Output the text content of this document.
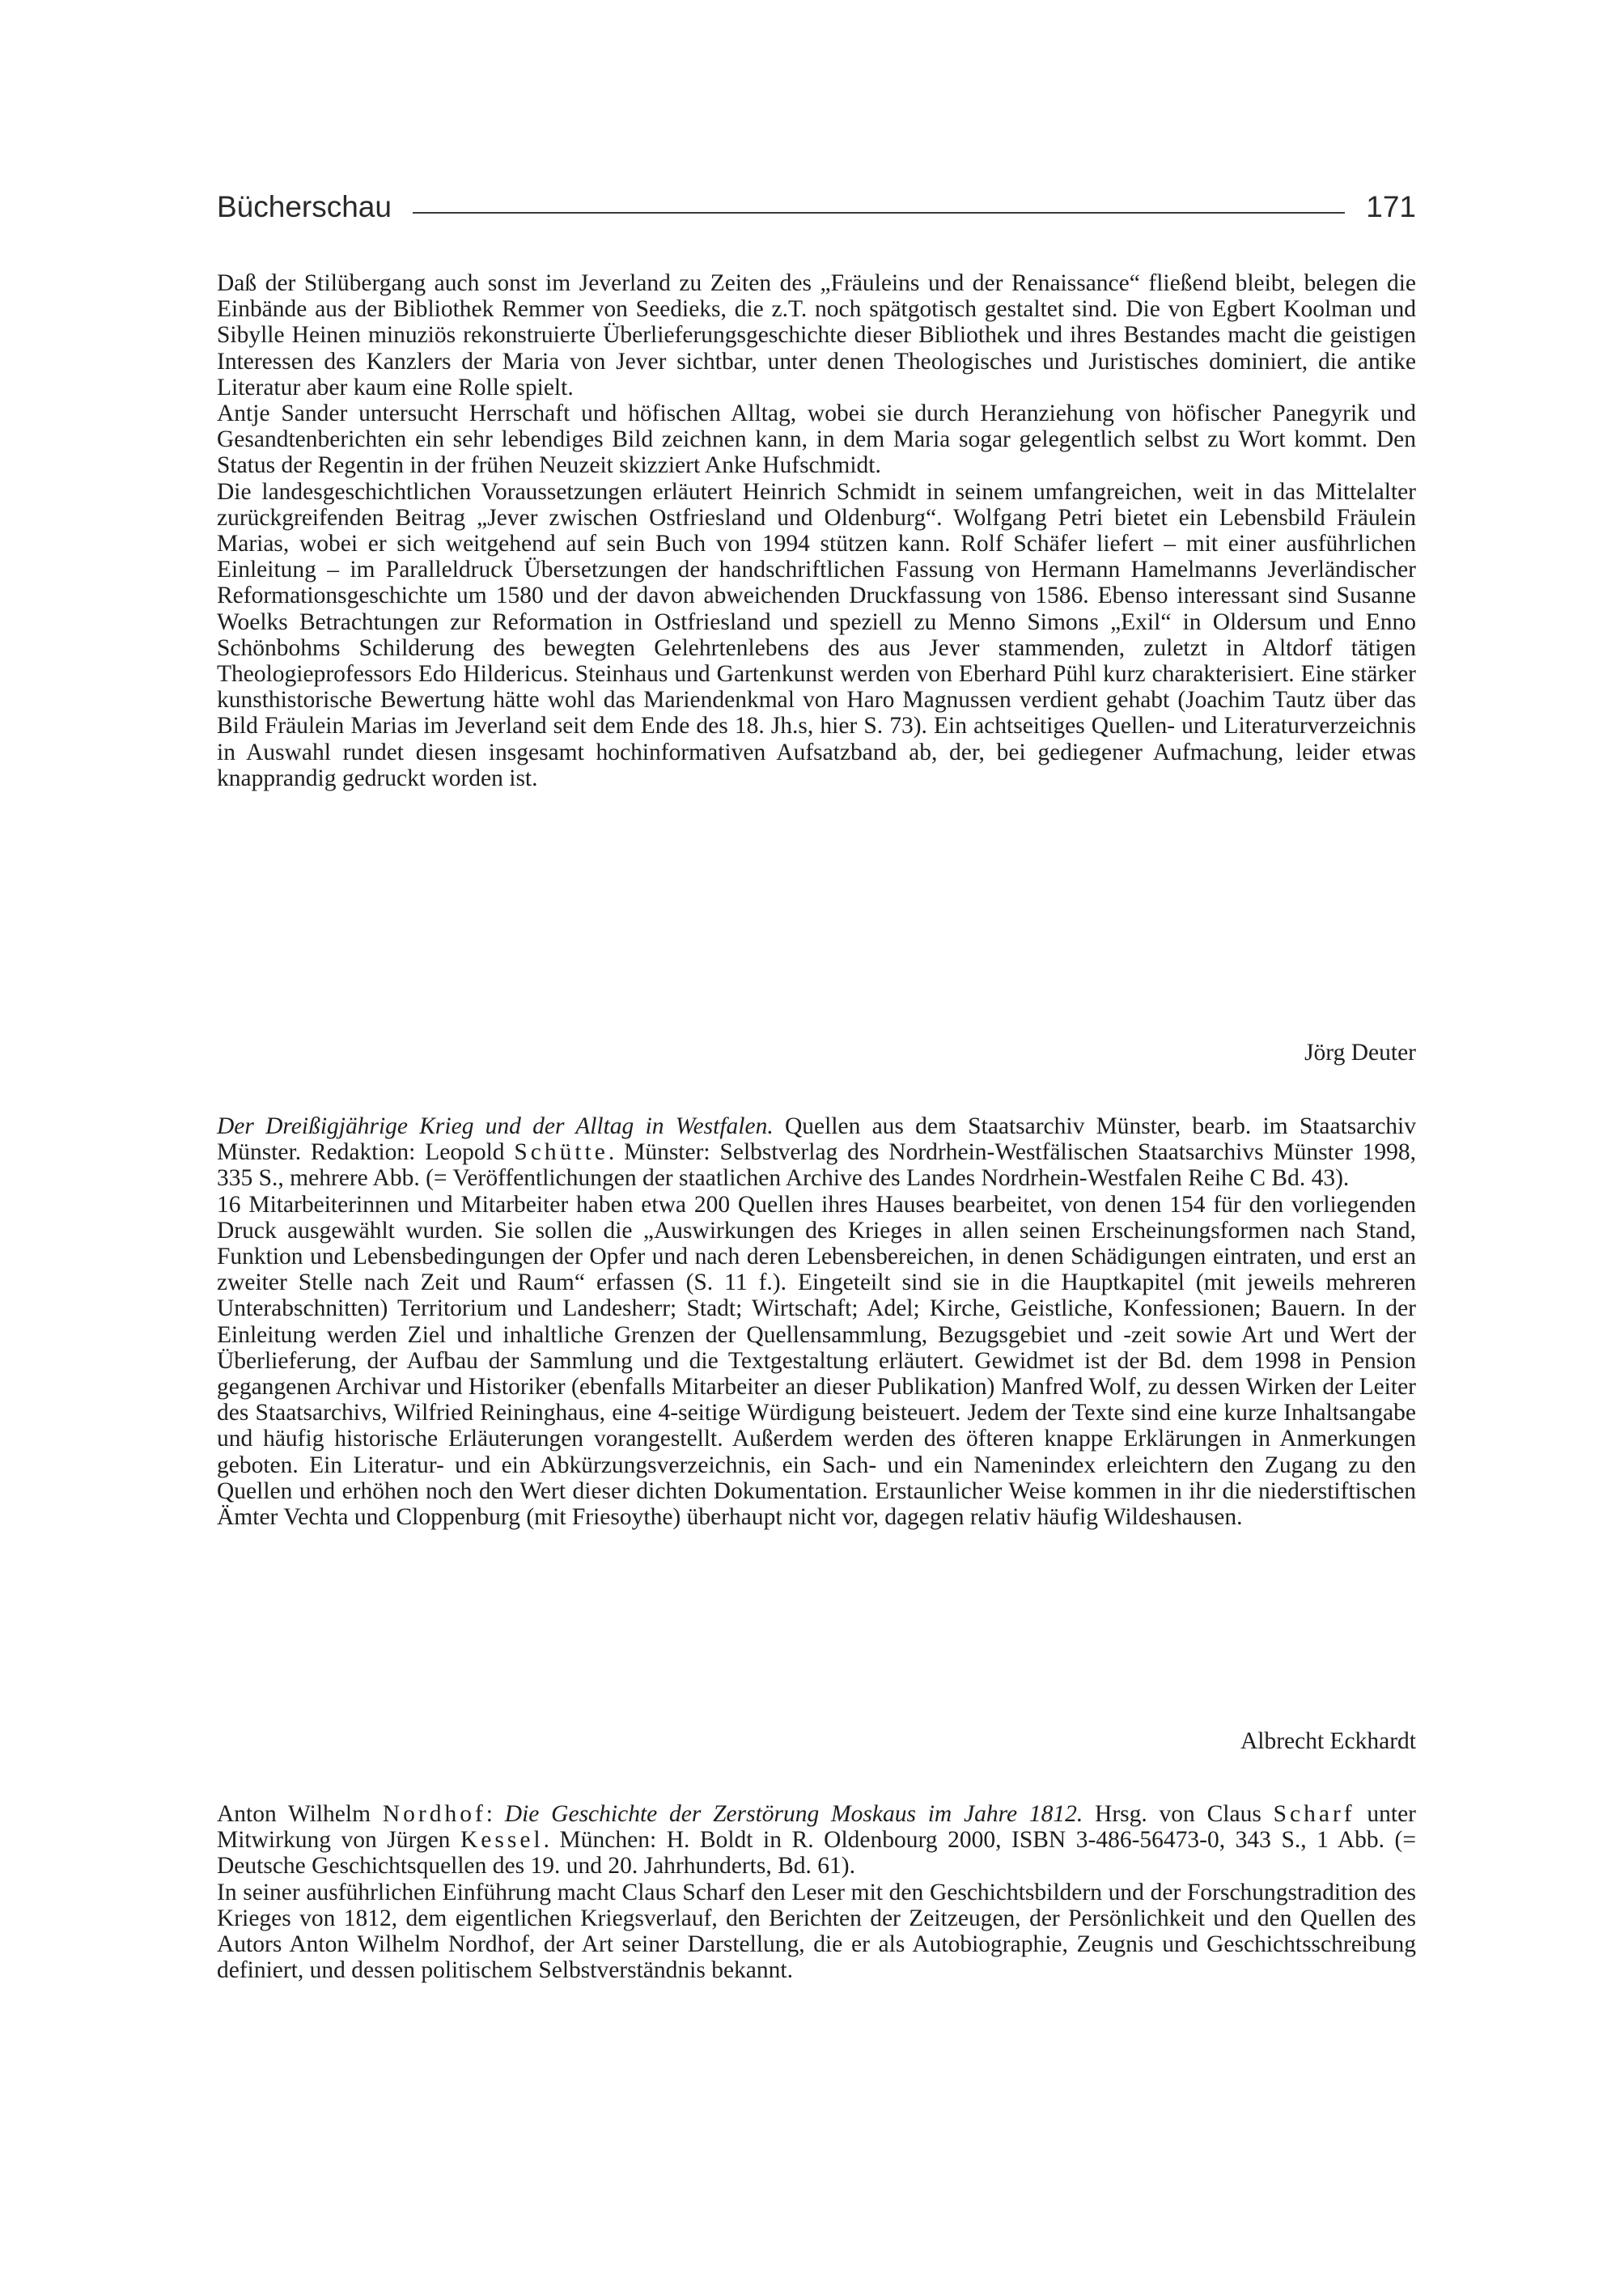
Bücherschau	171

Daß der Stilübergang auch sonst im Jeverland zu Zeiten des „Fräuleins und der Renaissance“ fließend bleibt, belegen die Einbände aus der Bibliothek Remmer von Seedieks, die z.T. noch spätgotisch gestaltet sind. Die von Egbert Koolman und Sibylle Heinen minuziös rekonstruierte Überlieferungsgeschichte dieser Bibliothek und ihres Bestandes macht die geistigen Interessen des Kanzlers der Maria von Jever sichtbar, unter denen Theologisches und Juristisches dominiert, die antike Literatur aber kaum eine Rolle spielt.

Antje Sander untersucht Herrschaft und höfischen Alltag, wobei sie durch Heranziehung von höfischer Panegyrik und Gesandtenberichten ein sehr lebendiges Bild zeichnen kann, in dem Maria sogar gelegentlich selbst zu Wort kommt. Den Status der Regentin in der frühen Neuzeit skizziert Anke Hufschmidt.

Die landesgeschichtlichen Voraussetzungen erläutert Heinrich Schmidt in seinem umfangreichen, weit in das Mittelalter zurückgreifenden Beitrag „Jever zwischen Ostfriesland und Oldenburg“. Wolfgang Petri bietet ein Lebensbild Fräulein Marias, wobei er sich weitgehend auf sein Buch von 1994 stützen kann. Rolf Schäfer liefert – mit einer ausführlichen Einleitung – im Paralleldruck Übersetzungen der handschriftlichen Fassung von Hermann Hamelmanns Jeverländischer Reformationsgeschichte um 1580 und der davon abweichenden Druckfassung von 1586. Ebenso interessant sind Susanne Woelks Betrachtungen zur Reformation in Ostfriesland und speziell zu Menno Simons „Exil“ in Oldersum und Enno Schönbohms Schilderung des bewegten Gelehrtenlebens des aus Jever stammenden, zuletzt in Altdorf tätigen Theologieprofessors Edo Hildericus. Steinhaus und Gartenkunst werden von Eberhard Pühl kurz charakterisiert. Eine stärker kunsthistorische Bewertung hätte wohl das Mariendenkmal von Haro Magnussen verdient gehabt (Joachim Tautz über das Bild Fräulein Marias im Jeverland seit dem Ende des 18. Jh.s, hier S. 73). Ein achtseitiges Quellen- und Literaturverzeichnis in Auswahl rundet diesen insgesamt hochinformativen Aufsatzband ab, der, bei gediegener Aufmachung, leider etwas knapprandig gedruckt worden ist.

Jörg Deuter

Der Dreißigjährige Krieg und der Alltag in Westfalen. Quellen aus dem Staatsarchiv Münster, bearb. im Staatsarchiv Münster. Redaktion: Leopold Schütte. Münster: Selbstverlag des Nordrhein-Westfälischen Staatsarchivs Münster 1998, 335 S., mehrere Abb. (= Veröffentlichungen der staatlichen Archive des Landes Nordrhein-Westfalen Reihe C Bd. 43).

16 Mitarbeiterinnen und Mitarbeiter haben etwa 200 Quellen ihres Hauses bearbeitet, von denen 154 für den vorliegenden Druck ausgewählt wurden. Sie sollen die „Auswirkungen des Krieges in allen seinen Erscheinungsformen nach Stand, Funktion und Lebensbedingungen der Opfer und nach deren Lebensbereichen, in denen Schädigungen eintraten, und erst an zweiter Stelle nach Zeit und Raum“ erfassen (S. 11 f.). Eingeteilt sind sie in die Hauptkapitel (mit jeweils mehreren Unterabschnitten) Territorium und Landesherr; Stadt; Wirtschaft; Adel; Kirche, Geistliche, Konfessionen; Bauern. In der Einleitung werden Ziel und inhaltliche Grenzen der Quellensammlung, Bezugsgebiet und -zeit sowie Art und Wert der Überlieferung, der Aufbau der Sammlung und die Textgestaltung erläutert. Gewidmet ist der Bd. dem 1998 in Pension gegangenen Archivar und Historiker (ebenfalls Mitarbeiter an dieser Publikation) Manfred Wolf, zu dessen Wirken der Leiter des Staatsarchivs, Wilfried Reininghaus, eine 4-seitige Würdigung beisteuert. Jedem der Texte sind eine kurze Inhaltsangabe und häufig historische Erläuterungen vorangestellt. Außerdem werden des öfteren knappe Erklärungen in Anmerkungen geboten. Ein Literatur- und ein Abkürzungsverzeichnis, ein Sach- und ein Namenindex erleichtern den Zugang zu den Quellen und erhöhen noch den Wert dieser dichten Dokumentation. Erstaunlicher Weise kommen in ihr die niederstiftischen Ämter Vechta und Cloppenburg (mit Friesoythe) überhaupt nicht vor, dagegen relativ häufig Wildeshausen.

Albrecht Eckhardt

Anton Wilhelm Nordhof: Die Geschichte der Zerstörung Moskaus im Jahre 1812. Hrsg. von Claus Scharf unter Mitwirkung von Jürgen Kessel. München: H. Boldt in R. Oldenbourg 2000, ISBN 3-486-56473-0, 343 S., 1 Abb. (= Deutsche Geschichtsquellen des 19. und 20. Jahrhunderts, Bd. 61).

In seiner ausführlichen Einführung macht Claus Scharf den Leser mit den Geschichtsbildern und der Forschungstradition des Krieges von 1812, dem eigentlichen Kriegsverlauf, den Berichten der Zeitzeugen, der Persönlichkeit und den Quellen des Autors Anton Wilhelm Nordhof, der Art seiner Darstellung, die er als Autobiographie, Zeugnis und Geschichtsschreibung definiert, und dessen politischem Selbstverständnis bekannt.
